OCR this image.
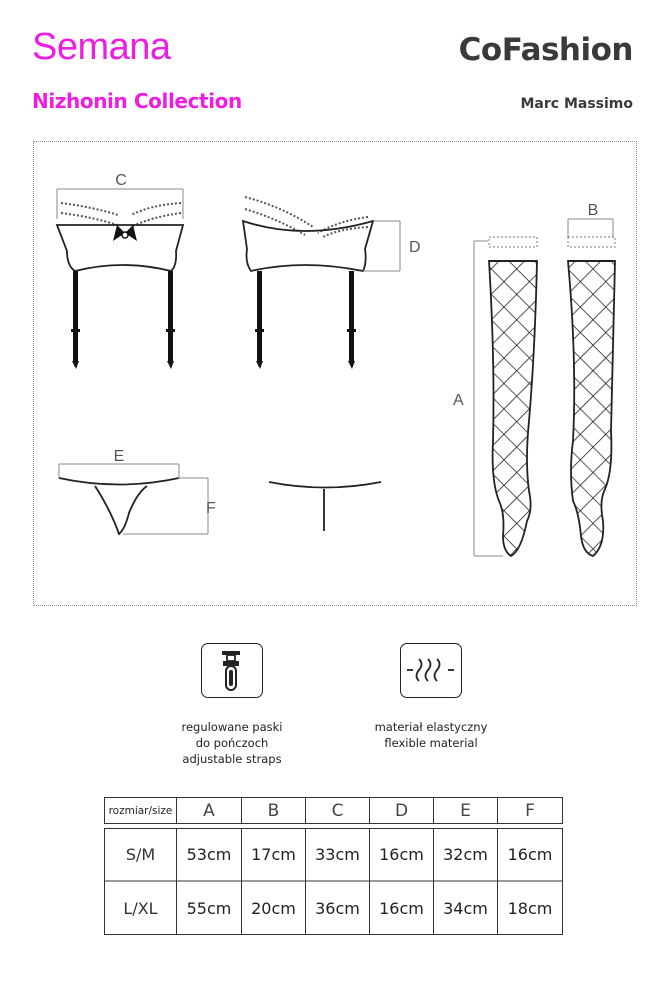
Semana
Nizhonin Collection
CoFashion
Marc Massimo
C
D
A
B
E
F
regulowane paski
do pończoch
adjustable straps
materiał elastyczny
flexible material
rozmiar/size	A	B	C	D	E	F
S/M	53cm	17cm	33cm	16cm	32cm	16cm
L/XL	55cm	20cm	36cm	16cm	34cm	18cm
